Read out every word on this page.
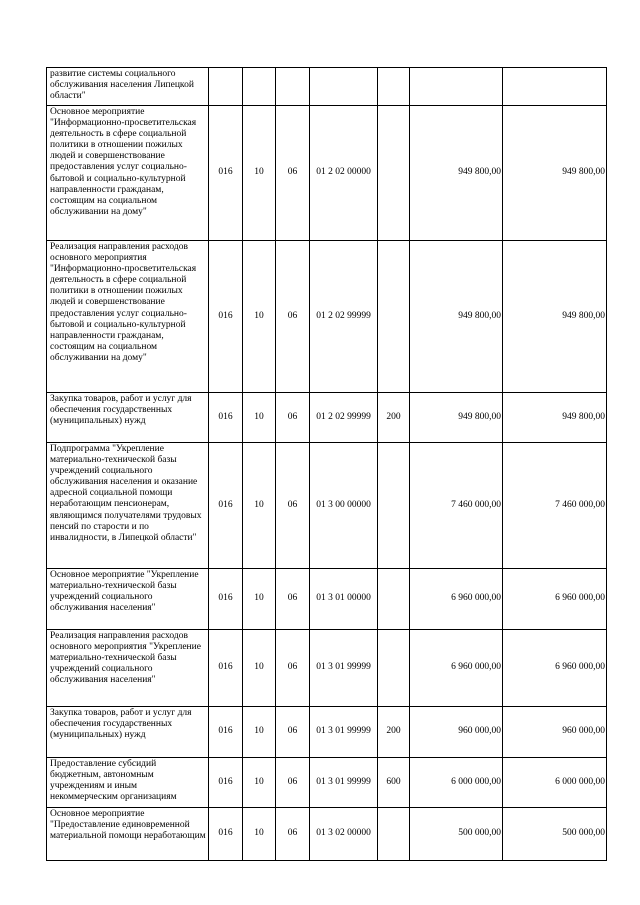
развитие системы социального обслуживания населения Липецкой области"							
Основное мероприятие "Информационно-просветительская деятельность в сфере социальной политики в отношении пожилых людей и совершенствование предоставления услуг социально-бытовой и социально-культурной направленности гражданам, состоящим на социальном обслуживании на дому"	016	10	06	01 2 02 00000		949 800,00	949 800,00
Реализация направления расходов основного мероприятия "Информационно-просветительская деятельность в сфере социальной политики в отношении пожилых людей и совершенствование предоставления услуг социально-бытовой и социально-культурной направленности гражданам, состоящим на социальном обслуживании на дому"	016	10	06	01 2 02 99999		949 800,00	949 800,00
Закупка товаров, работ и услуг для обеспечения государственных (муниципальных) нужд	016	10	06	01 2 02 99999	200	949 800,00	949 800,00
Подпрограмма "Укрепление материально-технической базы учреждений социального обслуживания населения и оказание адресной социальной помощи неработающим пенсионерам, являющимся получателями трудовых пенсий по старости и по инвалидности, в Липецкой области"	016	10	06	01 3 00 00000		7 460 000,00	7 460 000,00
Основное мероприятие "Укрепление материально-технической базы учреждений социального обслуживания населения"	016	10	06	01 3 01 00000		6 960 000,00	6 960 000,00
Реализация направления расходов основного мероприятия "Укрепление материально-технической базы учреждений социального обслуживания населения"	016	10	06	01 3 01 99999		6 960 000,00	6 960 000,00
Закупка товаров, работ и услуг для обеспечения государственных (муниципальных) нужд	016	10	06	01 3 01 99999	200	960 000,00	960 000,00
Предоставление субсидий бюджетным, автономным учреждениям и иным некоммерческим организациям	016	10	06	01 3 01 99999	600	6 000 000,00	6 000 000,00
Основное мероприятие "Предоставление единовременной материальной помощи неработающим	016	10	06	01 3 02 00000		500 000,00	500 000,00
